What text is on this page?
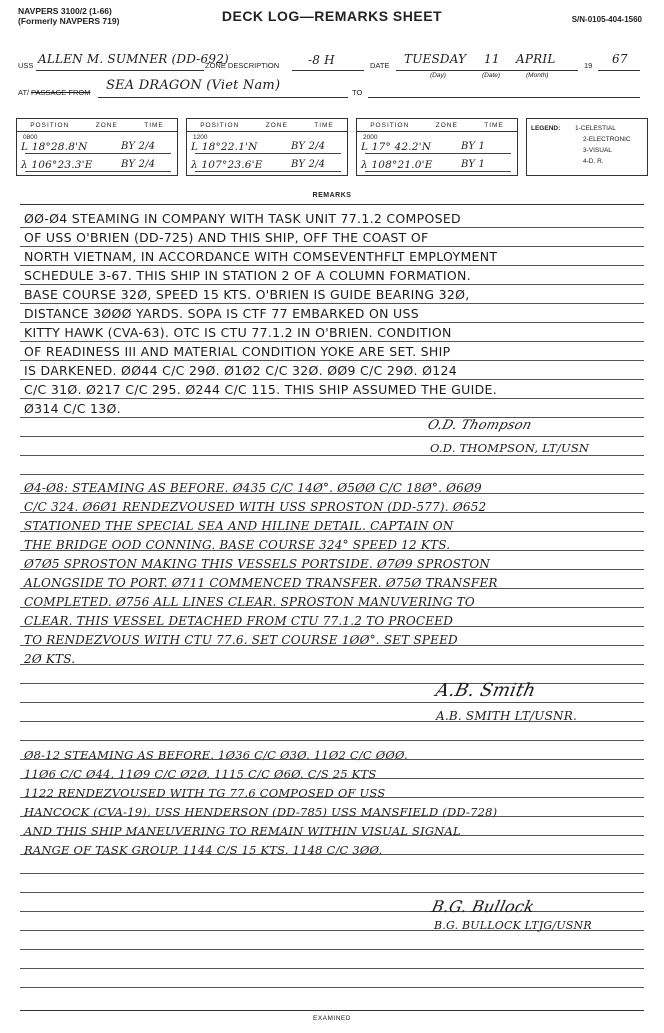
NAVPERS 3100/2 (1-66)
(Formerly NAVPERS 719)	DECK LOG—REMARKS SHEET	S/N-0105-404-1560
USS ALLEN M. SUMNER (DD-692)
ZONE DESCRIPTION -8 H	DATE TUESDAY 11 APRIL	19 67
(Day)	(Date)	(Month)
AT/ PASSAGE FROM SEA DRAGON (Viet Nam)	TO
POSITION	ZONE	TIME
0800
L 18°28.8'N	BY 2/4
λ 106°23.3'E	BY 2/4
POSITION	ZONE	TIME
1200
L 18°22.1'N	BY 2/4
λ 107°23.6'E	BY 2/4
POSITION	ZONE	TIME
2000
L 17° 42.2'N	BY 1
λ 108°21.0'E	BY 1
LEGEND: 1-CELESTIAL
2-ELECTRONIC
3-VISUAL
4-D. R.
REMARKS
ØØ-Ø4 STEAMING IN COMPANY WITH TASK UNIT 77.1.2 COMPOSED
OF USS O'BRIEN (DD-725) AND THIS SHIP, OFF THE COAST OF
NORTH VIETNAM, IN ACCORDANCE WITH COMSEVENTHFLT EMPLOYMENT
SCHEDULE 3-67. THIS SHIP IN STATION 2 OF A COLUMN FORMATION.
BASE COURSE 32Ø, SPEED 15 KTS. O'BRIEN IS GUIDE BEARING 32Ø,
DISTANCE 3ØØØ YARDS. SOPA IS CTF 77 EMBARKED ON USS
KITTY HAWK (CVA-63). OTC IS CTU 77.1.2 IN O'BRIEN. CONDITION
OF READINESS III AND MATERIAL CONDITION YOKE ARE SET. SHIP
IS DARKENED. ØØ44 C/C 29Ø. Ø1Ø2 C/C 32Ø. ØØ9 C/C 29Ø. Ø124
C/C 31Ø. Ø217 C/C 295. Ø244 C/C 115. THIS SHIP ASSUMED THE GUIDE.
Ø314 C/C 13Ø.
O.D. Thompson
O.D. THOMPSON, LT/USN
Ø4-Ø8: STEAMING AS BEFORE. Ø435 C/C 14Ø°. Ø5ØØ C/C 18Ø°. Ø6Ø9
C/C 324. Ø6Ø1 RENDEZVOUSED WITH USS SPROSTON (DD-577). Ø652
STATIONED THE SPECIAL SEA AND HILINE DETAIL. CAPTAIN ON
THE BRIDGE OOD CONNING. BASE COURSE 324° SPEED 12 KTS.
Ø7Ø5 SPROSTON MAKING THIS VESSELS PORTSIDE. Ø7Ø9 SPROSTON
ALONGSIDE TO PORT. Ø711 COMMENCED TRANSFER. Ø75Ø TRANSFER
COMPLETED. Ø756 ALL LINES CLEAR. SPROSTON MANUVERING TO
CLEAR. THIS VESSEL DETACHED FROM CTU 77.1.2 TO PROCEED
TO RENDEZVOUS WITH CTU 77.6. SET COURSE 1ØØ°. SET SPEED
2Ø KTS.
A.B. Smith
A.B. SMITH LT/USNR.
Ø8-12 STEAMING AS BEFORE. 1Ø36 C/C Ø3Ø. 11Ø2 C/C ØØØ.
11Ø6 C/C Ø44. 11Ø9 C/C Ø2Ø. 1115 C/C Ø6Ø. C/S 25 KTS
1122 RENDEZVOUSED WITH TG 77.6 COMPOSED OF USS
HANCOCK (CVA-19), USS HENDERSON (DD-785) USS MANSFIELD (DD-728)
AND THIS SHIP MANEUVERING TO REMAIN WITHIN VISUAL SIGNAL
RANGE OF TASK GROUP. 1144 C/S 15 KTS. 1148 C/C 3ØØ.
B.G. Bullock
B.G. BULLOCK LTJG/USNR
EXAMINED
